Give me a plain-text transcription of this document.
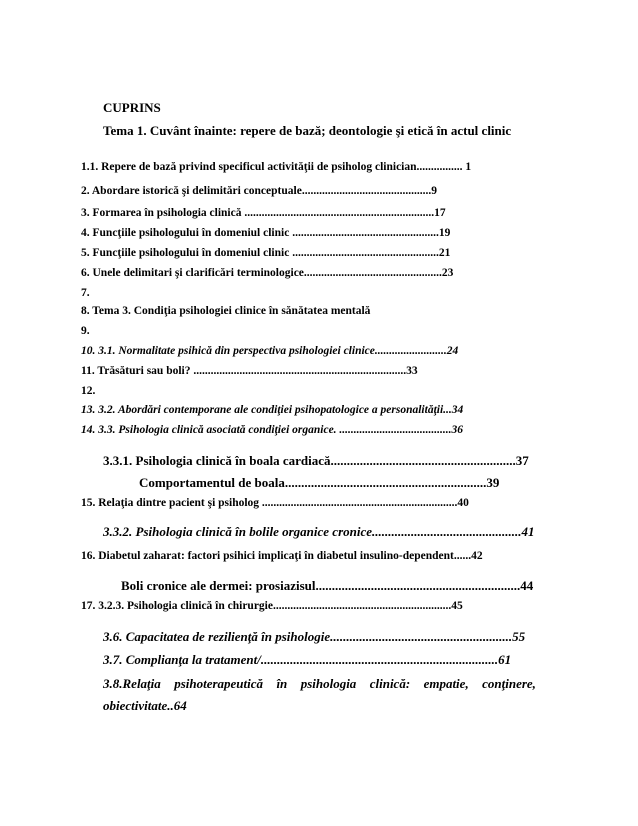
CUPRINS
Tema 1. Cuvânt înainte: repere de bază; deontologie şi etică în actul clinic
1.1. Repere de bază privind specificul activităţii de psiholog clinician................ 1
2. Abordare istorică şi delimitări conceptuale.............................................9
3. Formarea în psihologia clinică ..................................................................17
4. Funcţiile psihologului în domeniul clinic ...................................................19
5. Funcţiile psihologului în domeniul clinic ...................................................21
6. Unele delimitari şi clarificări terminologice................................................23
7.
8. Tema 3. Condiţia psihologiei clinice în sănătatea mentală
9.
10. 3.1. Normalitate psihică din perspectiva psihologiei clinice.........................24
11. Trăsături sau boli? ..........................................................................33
12.
13. 3.2. Abordări contemporane ale condiţiei psihopatologice a personalităţii...34
14. 3.3. Psihologia clinică asociată condiţiei organice. .......................................36
3.3.1. Psihologia clinică în boala cardiacă.........................................................37
Comportamentul de boala..............................................................39
15. Relaţia dintre pacient şi psiholog ....................................................................40
3.3.2. Psihologia clinică în bolile organice cronice..............................................41
16. Diabetul zaharat: factori psihici implicaţi în diabetul insulino-dependent......42
Boli cronice ale dermei: prosiazisul...............................................................44
17. 3.2.3. Psihologia clinică în chirurgie..............................................................45
3.6. Capacitatea de rezilienţă în psihologie........................................................55
3.7. Complianţa la tratament/.........................................................................61
3.8.Relaţia psihoterapeutică în psihologia clinică: empatie, conţinere,
obiectivitate..64
